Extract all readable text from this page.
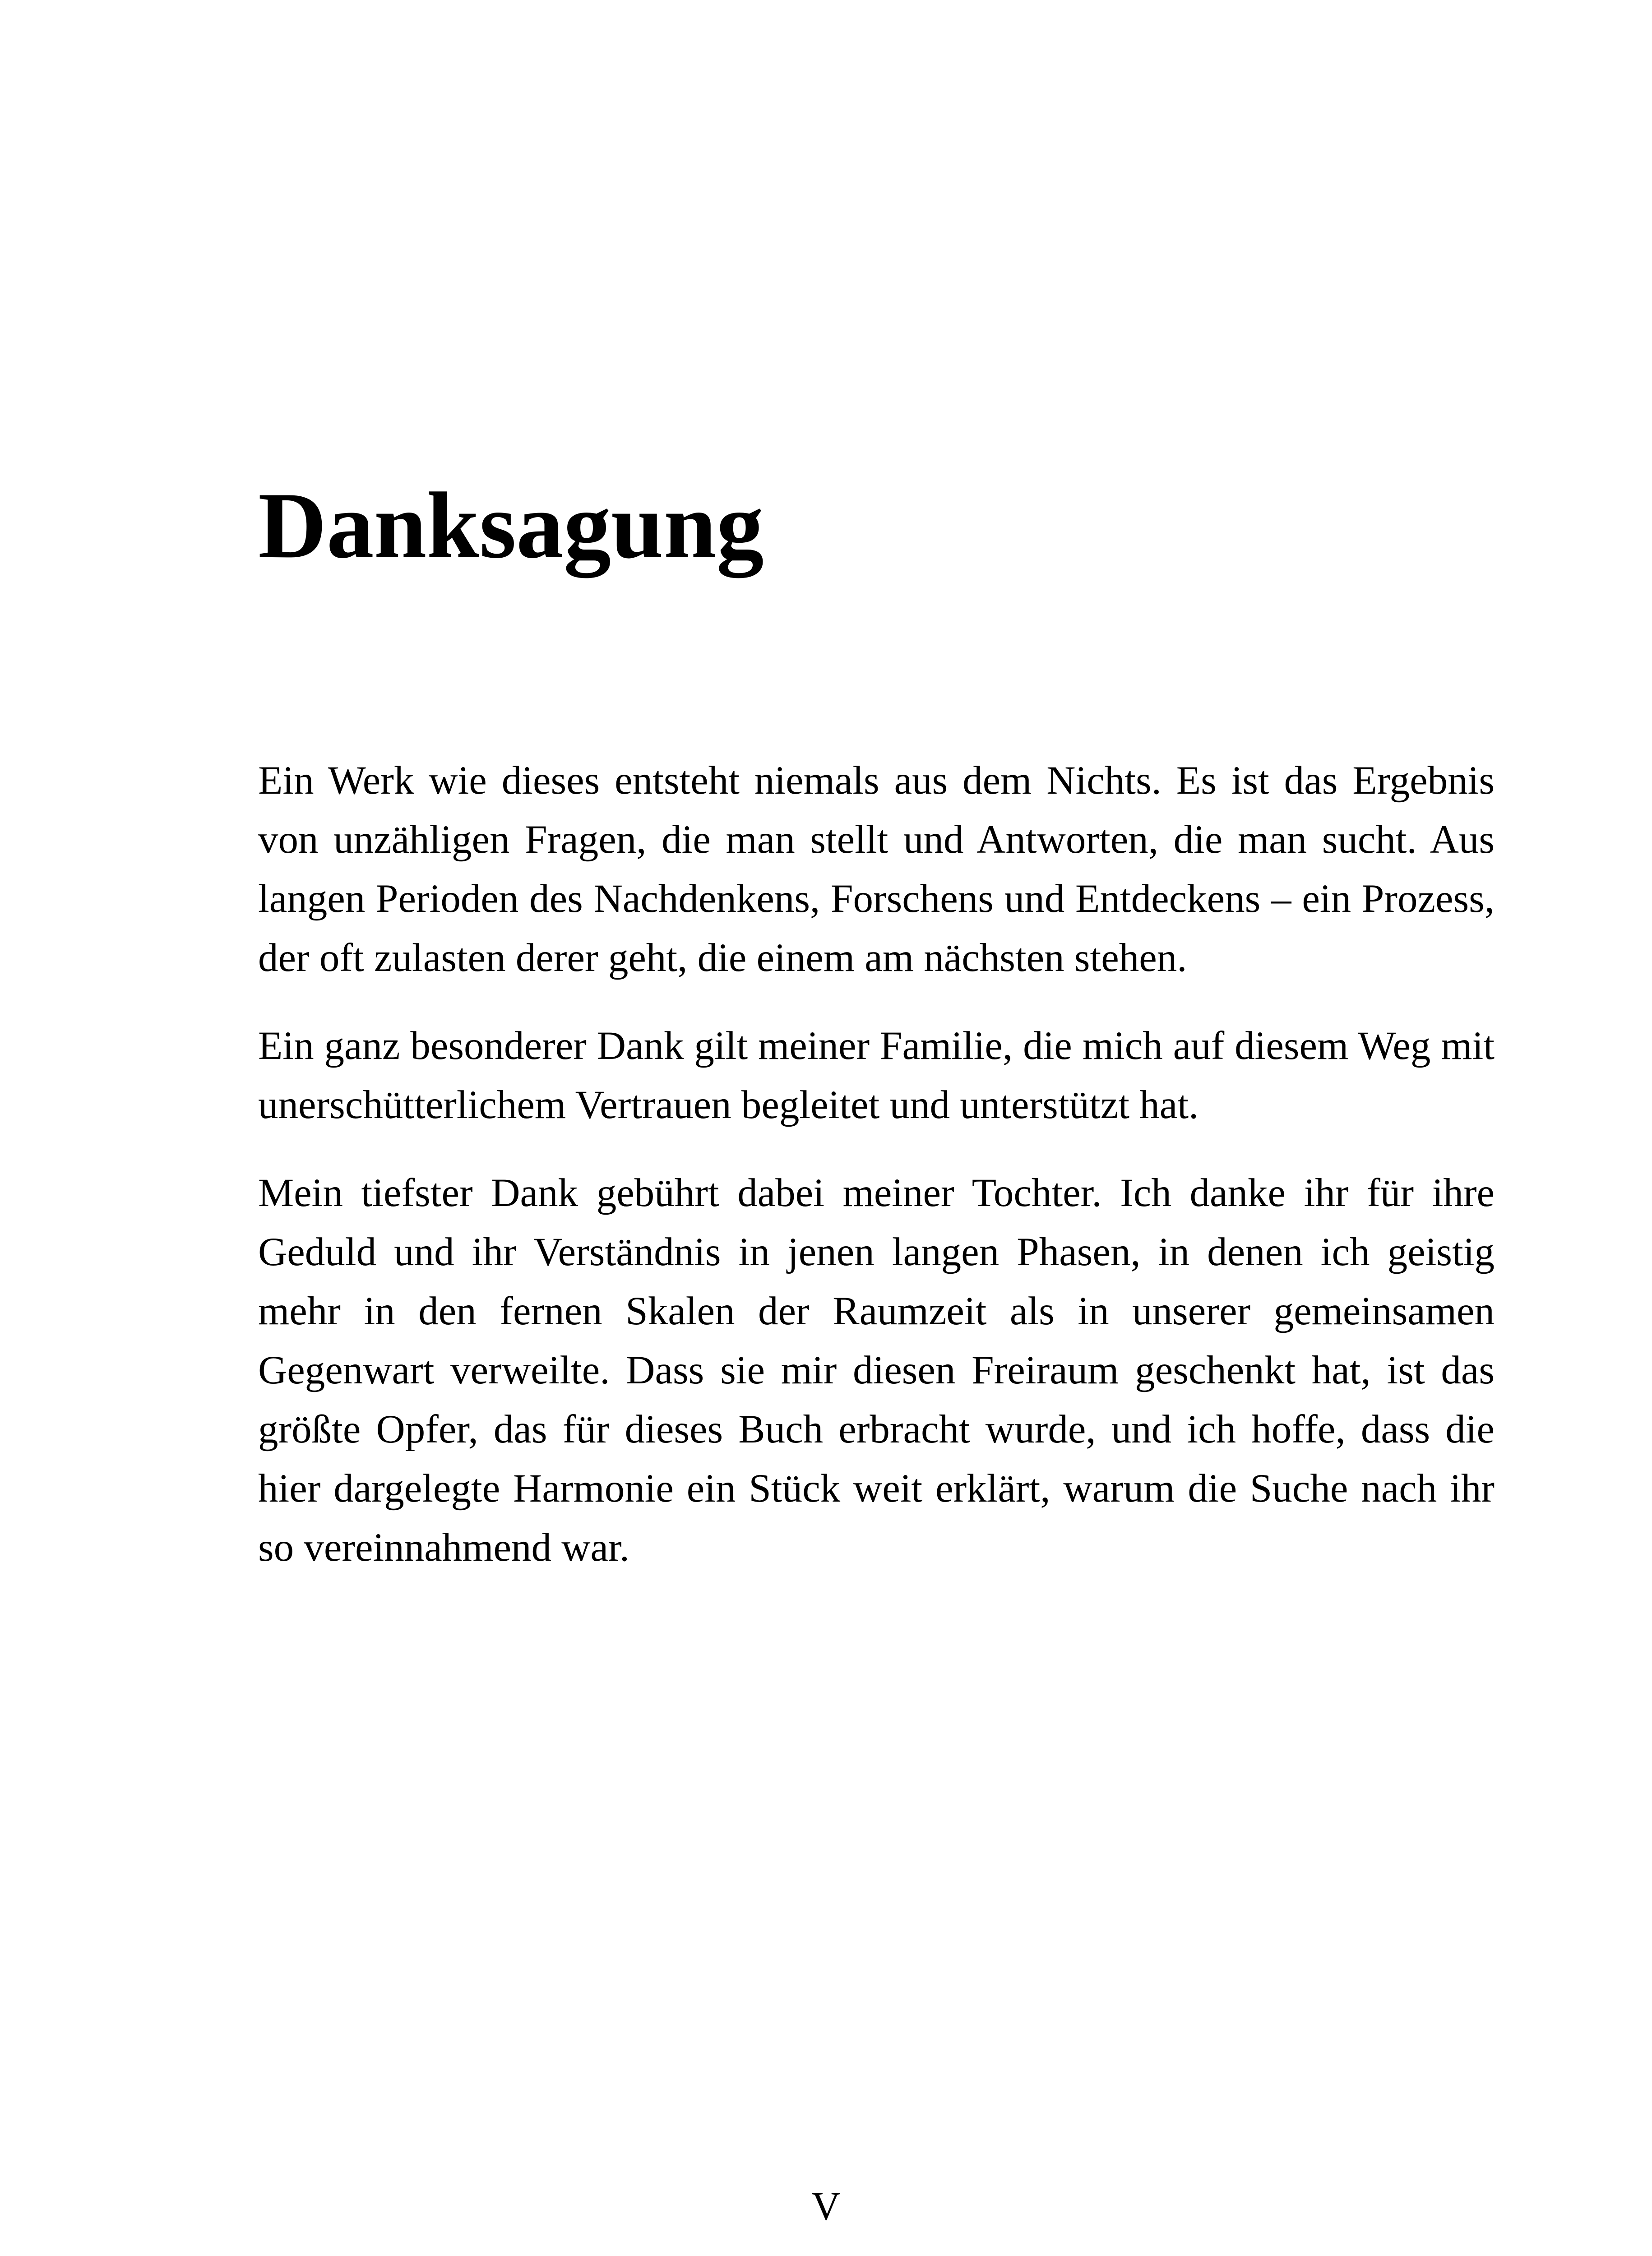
Danksagung

Ein Werk wie dieses entsteht niemals aus dem Nichts. Es ist das Ergebnis von unzähligen Fragen, die man stellt und Antworten, die man sucht. Aus langen Perioden des Nachdenkens, Forschens und Entdeckens – ein Prozess, der oft zulasten derer geht, die einem am nächsten stehen.

Ein ganz besonderer Dank gilt meiner Familie, die mich auf diesem Weg mit unerschütterlichem Vertrauen begleitet und unterstützt hat.

Mein tiefster Dank gebührt dabei meiner Tochter. Ich danke ihr für ihre Geduld und ihr Verständnis in jenen langen Phasen, in denen ich geistig mehr in den fernen Skalen der Raumzeit als in unserer gemeinsamen Gegenwart verweilte. Dass sie mir diesen Freiraum geschenkt hat, ist das größte Opfer, das für dieses Buch erbracht wurde, und ich hoffe, dass die hier dargelegte Harmonie ein Stück weit erklärt, warum die Suche nach ihr so vereinnahmend war.

V
